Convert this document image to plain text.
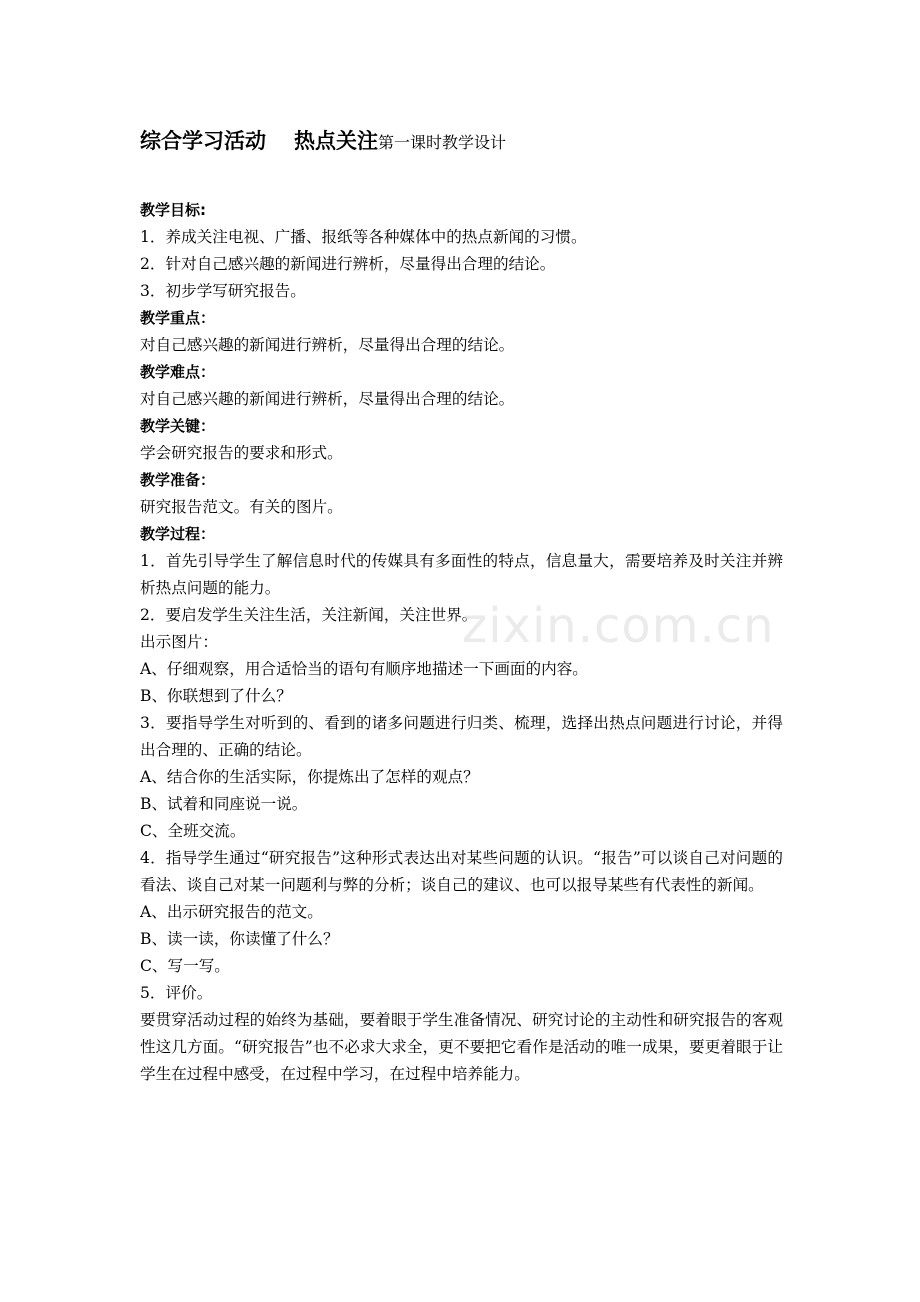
综合学习活动 热点关注第一课时教学设计

教学目标:

1．养成关注电视、广播、报纸等各种媒体中的热点新闻的习惯。

2．针对自己感兴趣的新闻进行辨析，尽量得出合理的结论。

3．初步学写研究报告。

教学重点：

对自己感兴趣的新闻进行辨析，尽量得出合理的结论。

教学难点：

对自己感兴趣的新闻进行辨析，尽量得出合理的结论。

教学关键：

学会研究报告的要求和形式。

教学准备：

研究报告范文。有关的图片。

教学过程：

1．首先引导学生了解信息时代的传媒具有多面性的特点，信息量大，需要培养及时关注并辨析热点问题的能力。

2．要启发学生关注生活，关注新闻，关注世界。

出示图片：

A、仔细观察，用合适恰当的语句有顺序地描述一下画面的内容。

B、你联想到了什么？

3．要指导学生对听到的、看到的诸多问题进行归类、梳理，选择出热点问题进行讨论，并得出合理的、正确的结论。

A、结合你的生活实际，你提炼出了怎样的观点？

B、试着和同座说一说。

C、全班交流。

4．指导学生通过“研究报告”这种形式表达出对某些问题的认识。“报告”可以谈自己对问题的看法、谈自己对某一问题利与弊的分析；谈自己的建议、也可以报导某些有代表性的新闻。

A、出示研究报告的范文。

B、读一读，你读懂了什么？

C、写一写。

5．评价。

要贯穿活动过程的始终为基础，要着眼于学生准备情况、研究讨论的主动性和研究报告的客观性这几方面。“研究报告”也不必求大求全，更不要把它看作是活动的唯一成果，要更着眼于让学生在过程中感受，在过程中学习，在过程中培养能力。

zixin.com.cn
